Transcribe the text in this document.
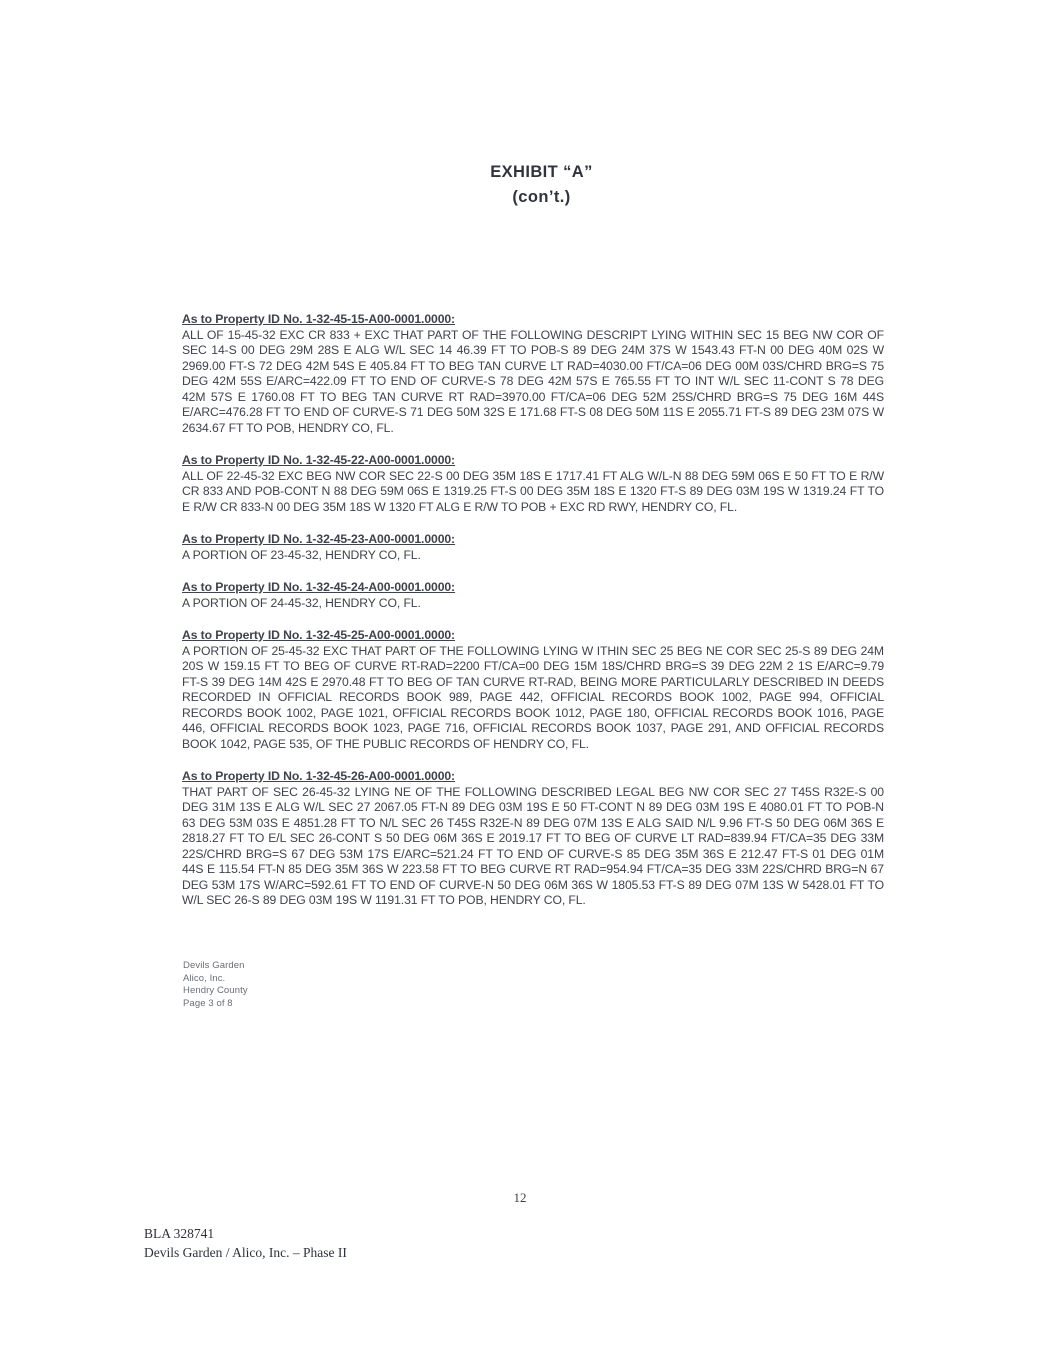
EXHIBIT “A”
(con’t.)
As to Property ID No. 1-32-45-15-A00-0001.0000:
ALL OF 15-45-32 EXC CR 833 + EXC THAT PART OF THE FOLLOWING DESCRIPT LYING WITHIN SEC 15 BEG NW COR OF SEC 14-S 00 DEG 29M 28S E ALG W/L SEC 14 46.39 FT TO POB-S 89 DEG 24M 37S W 1543.43 FT-N 00 DEG 40M 02S W 2969.00 FT-S 72 DEG 42M 54S E 405.84 FT TO BEG TAN CURVE LT RAD=4030.00 FT/CA=06 DEG 00M 03S/CHRD BRG=S 75 DEG 42M 55S E/ARC=422.09 FT TO END OF CURVE-S 78 DEG 42M 57S E 765.55 FT TO INT W/L SEC 11-CONT S 78 DEG 42M 57S E 1760.08 FT TO BEG TAN CURVE RT RAD=3970.00 FT/CA=06 DEG 52M 25S/CHRD BRG=S 75 DEG 16M 44S E/ARC=476.28 FT TO END OF CURVE-S 71 DEG 50M 32S E 171.68 FT-S 08 DEG 50M 11S E 2055.71 FT-S 89 DEG 23M 07S W 2634.67 FT TO POB, HENDRY CO, FL.
As to Property ID No. 1-32-45-22-A00-0001.0000:
ALL OF 22-45-32 EXC BEG NW COR SEC 22-S 00 DEG 35M 18S E 1717.41 FT ALG W/L-N 88 DEG 59M 06S E 50 FT TO E R/W CR 833 AND POB-CONT N 88 DEG 59M 06S E 1319.25 FT-S 00 DEG 35M 18S E 1320 FT-S 89 DEG 03M 19S W 1319.24 FT TO E R/W CR 833-N 00 DEG 35M 18S W 1320 FT ALG E R/W TO POB + EXC RD RWY, HENDRY CO, FL.
As to Property ID No. 1-32-45-23-A00-0001.0000:
A PORTION OF 23-45-32, HENDRY CO, FL.
As to Property ID No. 1-32-45-24-A00-0001.0000:
A PORTION OF 24-45-32, HENDRY CO, FL.
As to Property ID No. 1-32-45-25-A00-0001.0000:
A PORTION OF 25-45-32 EXC THAT PART OF THE FOLLOWING LYING W ITHIN SEC 25 BEG NE COR SEC 25-S 89 DEG 24M 20S W 159.15 FT TO BEG OF CURVE RT-RAD=2200 FT/CA=00 DEG 15M 18S/CHRD BRG=S 39 DEG 22M 2 1S E/ARC=9.79 FT-S 39 DEG 14M 42S E 2970.48 FT TO BEG OF TAN CURVE RT-RAD, BEING MORE PARTICULARLY DESCRIBED IN DEEDS RECORDED IN OFFICIAL RECORDS BOOK 989, PAGE 442, OFFICIAL RECORDS BOOK 1002, PAGE 994, OFFICIAL RECORDS BOOK 1002, PAGE 1021, OFFICIAL RECORDS BOOK 1012, PAGE 180, OFFICIAL RECORDS BOOK 1016, PAGE 446, OFFICIAL RECORDS BOOK 1023, PAGE 716, OFFICIAL RECORDS BOOK 1037, PAGE 291, AND OFFICIAL RECORDS BOOK 1042, PAGE 535, OF THE PUBLIC RECORDS OF HENDRY CO, FL.
As to Property ID No. 1-32-45-26-A00-0001.0000:
THAT PART OF SEC 26-45-32 LYING NE OF THE FOLLOWING DESCRIBED LEGAL BEG NW COR SEC 27 T45S R32E-S 00 DEG 31M 13S E ALG W/L SEC 27 2067.05 FT-N 89 DEG 03M 19S E 50 FT-CONT N 89 DEG 03M 19S E 4080.01 FT TO POB-N 63 DEG 53M 03S E 4851.28 FT TO N/L SEC 26 T45S R32E-N 89 DEG 07M 13S E ALG SAID N/L 9.96 FT-S 50 DEG 06M 36S E 2818.27 FT TO E/L SEC 26-CONT S 50 DEG 06M 36S E 2019.17 FT TO BEG OF CURVE LT RAD=839.94 FT/CA=35 DEG 33M 22S/CHRD BRG=S 67 DEG 53M 17S E/ARC=521.24 FT TO END OF CURVE-S 85 DEG 35M 36S E 212.47 FT-S 01 DEG 01M 44S E 115.54 FT-N 85 DEG 35M 36S W 223.58 FT TO BEG CURVE RT RAD=954.94 FT/CA=35 DEG 33M 22S/CHRD BRG=N 67 DEG 53M 17S W/ARC=592.61 FT TO END OF CURVE-N 50 DEG 06M 36S W 1805.53 FT-S 89 DEG 07M 13S W 5428.01 FT TO W/L SEC 26-S 89 DEG 03M 19S W 1191.31 FT TO POB, HENDRY CO, FL.
Devils Garden
Alico, Inc.
Hendry County
Page 3 of 8
12
BLA 328741
Devils Garden / Alico, Inc. – Phase II
